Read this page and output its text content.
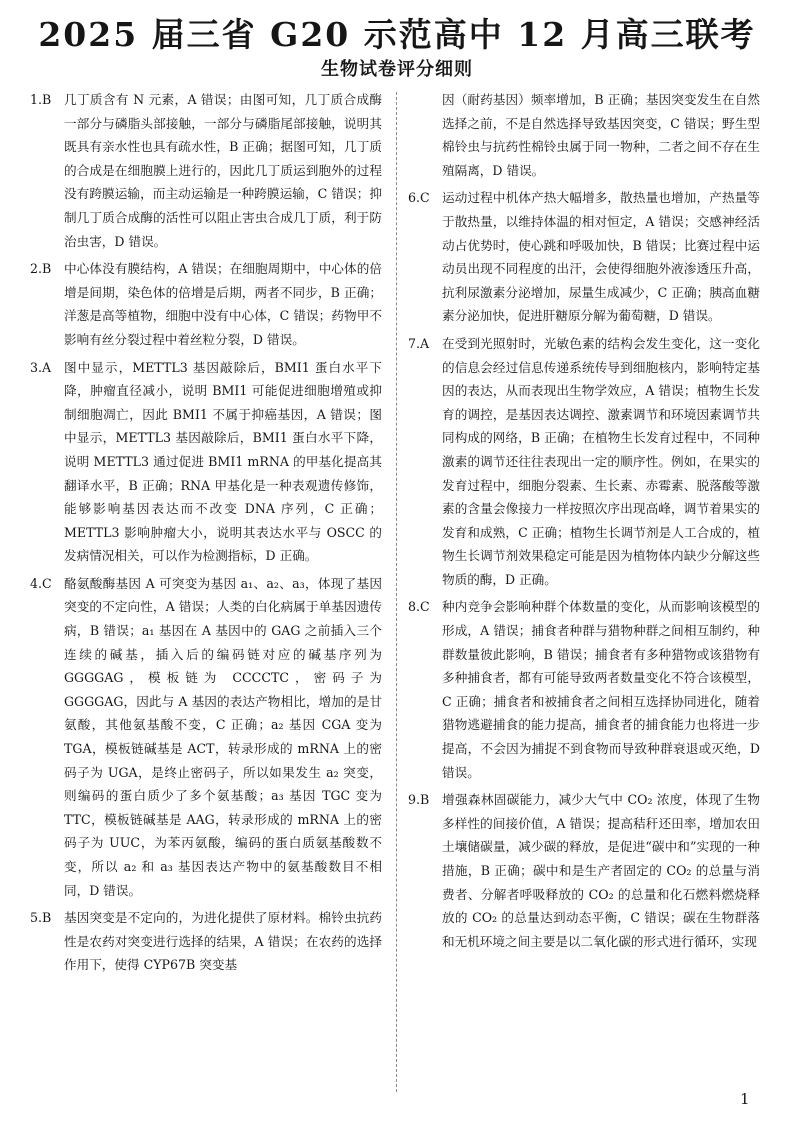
2025 届三省 G20 示范高中 12 月高三联考
生物试卷评分细则
1.B	几丁质含有 N 元素，A 错误；由图可知，几丁质合成酶一部分与磷脂头部接触，一部分与磷脂尾部接触，说明其既具有亲水性也具有疏水性，B 正确；据图可知，几丁质的合成是在细胞膜上进行的，因此几丁质运到胞外的过程没有跨膜运输，而主动运输是一种跨膜运输，C 错误；抑制几丁质合成酶的活性可以阻止害虫合成几丁质，利于防治虫害，D 错误。
2.B	中心体没有膜结构，A 错误；在细胞周期中，中心体的倍增是间期，染色体的倍增是后期，两者不同步，B 正确；洋葱是高等植物，细胞中没有中心体，C 错误；药物甲不影响有丝分裂过程中着丝粒分裂，D 错误。
3.A	图中显示，METTL3 基因敲除后，BMI1 蛋白水平下降，肿瘤直径减小，说明 BMI1 可能促进细胞增殖或抑制细胞凋亡，因此 BMI1 不属于抑癌基因，A 错误；图中显示，METTL3 基因敲除后，BMI1 蛋白水平下降，说明 METTL3 通过促进 BMI1 mRNA 的甲基化提高其翻译水平，B 正确；RNA 甲基化是一种表观遗传修饰，能够影响基因表达而不改变 DNA 序列，C 正确；METTL3 影响肿瘤大小，说明其表达水平与 OSCC 的发病情况相关，可以作为检测指标，D 正确。
4.C 酪氨酸酶基因 A 可突变为基因 a₁、a₂、a₃，体现了基因突变的不定向性，A 错误；人类的白化病属于单基因遗传病，B 错误；a₁ 基因在 A 基因中的 GAG 之前插入三个连续的碱基，插入后的编码链对应的碱基序列为 GGGGAG，模板链为 CCCCTC，密码子为 GGGGAG，因此与 A 基因的表达产物相比，增加的是甘氨酸，其他氨基酸不变，C 正确；a₂ 基因 CGA 变为 TGA，模板链碱基是 ACT，转录形成的 mRNA 上的密码子为 UGA，是终止密码子，所以如果发生 a₂ 突变，则编码的蛋白质少了多个氨基酸；a₃ 基因 TGC 变为 TTC，模板链碱基是 AAG，转录形成的 mRNA 上的密码子为 UUC，为苯丙氨酸，编码的蛋白质氨基酸数不变，所以 a₂ 和 a₃ 基因表达产物中的氨基酸数目不相同，D 错误。
5.B	基因突变是不定向的，为进化提供了原材料。棉铃虫抗药性是农药对突变进行选择的结果，A 错误；在农药的选择作用下，使得 CYP67B 突变基
因（耐药基因）频率增加，B 正确；基因突变发生在自然选择之前，不是自然选择导致基因突变，C 错误；野生型棉铃虫与抗药性棉铃虫属于同一物种，二者之间不存在生殖隔离，D 错误。
6.C 运动过程中机体产热大幅增多，散热量也增加，产热量等于散热量，以维持体温的相对恒定，A 错误；交感神经活动占优势时，使心跳和呼吸加快，B 错误；比赛过程中运动员出现不同程度的出汗，会使得细胞外液渗透压升高，抗利尿激素分泌增加，尿量生成减少，C 正确；胰高血糖素分泌加快，促进肝糖原分解为葡萄糖，D 错误。
7.A	在受到光照射时，光敏色素的结构会发生变化，这一变化的信息会经过信息传递系统传导到细胞核内，影响特定基因的表达，从而表现出生物学效应，A 错误；植物生长发育的调控，是基因表达调控、激素调节和环境因素调节共同构成的网络，B 正确；在植物生长发育过程中，不同种激素的调节还往往表现出一定的顺序性。例如，在果实的发育过程中，细胞分裂素、生长素、赤霉素、脱落酸等激素的含量会像接力一样按照次序出现高峰，调节着果实的发育和成熟，C 正确；植物生长调节剂是人工合成的，植物生长调节剂效果稳定可能是因为植物体内缺少分解这些物质的酶，D 正确。
8.C 种内竞争会影响种群个体数量的变化，从而影响该模型的形成，A 错误；捕食者种群与猎物种群之间相互制约，种群数量彼此影响，B 错误；捕食者有多种猎物或该猎物有多种捕食者，都有可能导致两者数量变化不符合该模型，C 正确；捕食者和被捕食者之间相互选择协同进化，随着猎物逃避捕食的能力提高，捕食者的捕食能力也将进一步提高，不会因为捕捉不到食物而导致种群衰退或灭绝，D 错误。
9.B	增强森林固碳能力，减少大气中 CO₂ 浓度，体现了生物多样性的间接价值，A 错误；提高秸秆还田率，增加农田土壤储碳量，减少碳的释放，是促进“碳中和”实现的一种措施，B 正确；碳中和是生产者固定的 CO₂ 的总量与消费者、分解者呼吸释放的 CO₂ 的总量和化石燃料燃烧释放的 CO₂ 的总量达到动态平衡，C 错误；碳在生物群落和无机环境之间主要是以二氧化碳的形式进行循环，实现
1
